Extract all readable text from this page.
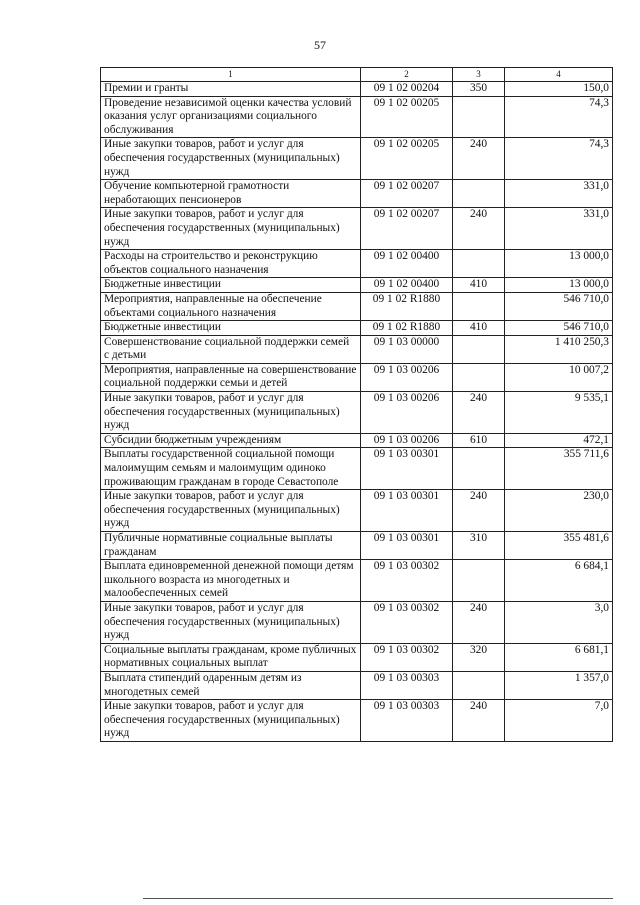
57
1	2	3	4
Премии и гранты	09 1 02 00204	350	150,0
Проведение независимой оценки качества условий оказания услуг организациями социального обслуживания	09 1 02 00205		74,3
Иные закупки товаров, работ и услуг для обеспечения государственных (муниципальных) нужд	09 1 02 00205	240	74,3
Обучение компьютерной грамотности неработающих пенсионеров	09 1 02 00207		331,0
Иные закупки товаров, работ и услуг для обеспечения государственных (муниципальных) нужд	09 1 02 00207	240	331,0
Расходы на строительство и реконструкцию объектов социального назначения	09 1 02 00400		13 000,0
Бюджетные инвестиции	09 1 02 00400	410	13 000,0
Мероприятия, направленные на обеспечение объектами социального назначения	09 1 02 R1880		546 710,0
Бюджетные инвестиции	09 1 02 R1880	410	546 710,0
Совершенствование социальной поддержки семей с детьми	09 1 03 00000		1 410 250,3
Мероприятия, направленные на совершенствование социальной поддержки семьи и детей	09 1 03 00206		10 007,2
Иные закупки товаров, работ и услуг для обеспечения государственных (муниципальных) нужд	09 1 03 00206	240	9 535,1
Субсидии бюджетным учреждениям	09 1 03 00206	610	472,1
Выплаты государственной социальной помощи малоимущим семьям и малоимущим одиноко проживающим гражданам в городе Севастополе	09 1 03 00301		355 711,6
Иные закупки товаров, работ и услуг для обеспечения государственных (муниципальных) нужд	09 1 03 00301	240	230,0
Публичные нормативные социальные выплаты гражданам	09 1 03 00301	310	355 481,6
Выплата единовременной денежной помощи детям школьного возраста из многодетных и малообеспеченных семей	09 1 03 00302		6 684,1
Иные закупки товаров, работ и услуг для обеспечения государственных (муниципальных) нужд	09 1 03 00302	240	3,0
Социальные выплаты гражданам, кроме публичных нормативных социальных выплат	09 1 03 00302	320	6 681,1
Выплата стипендий одаренным детям из многодетных семей	09 1 03 00303		1 357,0
Иные закупки товаров, работ и услуг для обеспечения государственных (муниципальных) нужд	09 1 03 00303	240	7,0
